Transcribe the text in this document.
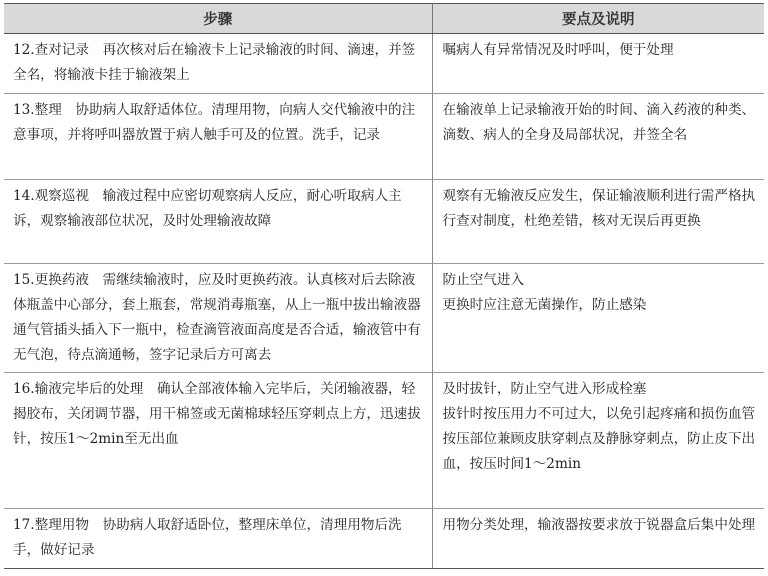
步骤	要点及说明
12.查对记录　再次核对后在输液卡上记录输液的时间、滴速，并签全名，将输液卡挂于输液架上	嘱病人有异常情况及时呼叫，便于处理

13.整理　协助病人取舒适体位。清理用物，向病人交代输液中的注意事项，并将呼叫器放置于病人触手可及的位置。洗手，记录	在输液单上记录输液开始的时间、滴入药液的种类、滴数、病人的全身及局部状况，并签全名

14.观察巡视　输液过程中应密切观察病人反应，耐心听取病人主诉，观察输液部位状况，及时处理输液故障	观察有无输液反应发生，保证输液顺利进行需严格执行查对制度，杜绝差错，核对无误后再更换

15.更换药液　需继续输液时，应及时更换药液。认真核对后去除液体瓶盖中心部分，套上瓶套，常规消毒瓶塞，从上一瓶中拔出输液器通气管插头插入下一瓶中，检查滴管液面高度是否合适，输液管中有无气泡，待点滴通畅，签字记录后方可离去	防止空气进入
更换时应注意无菌操作，防止感染

16.输液完毕后的处理　确认全部液体输入完毕后，关闭输液器，轻揭胶布，关闭调节器，用干棉签或无菌棉球轻压穿刺点上方，迅速拔针，按压1～2min至无出血	及时拔针，防止空气进入形成栓塞
拔针时按压用力不可过大，以免引起疼痛和损伤血管
按压部位兼顾皮肤穿刺点及静脉穿刺点，防止皮下出血，按压时间1～2min

17.整理用物　协助病人取舒适卧位，整理床单位，清理用物后洗手，做好记录	用物分类处理，输液器按要求放于锐器盒后集中处理
